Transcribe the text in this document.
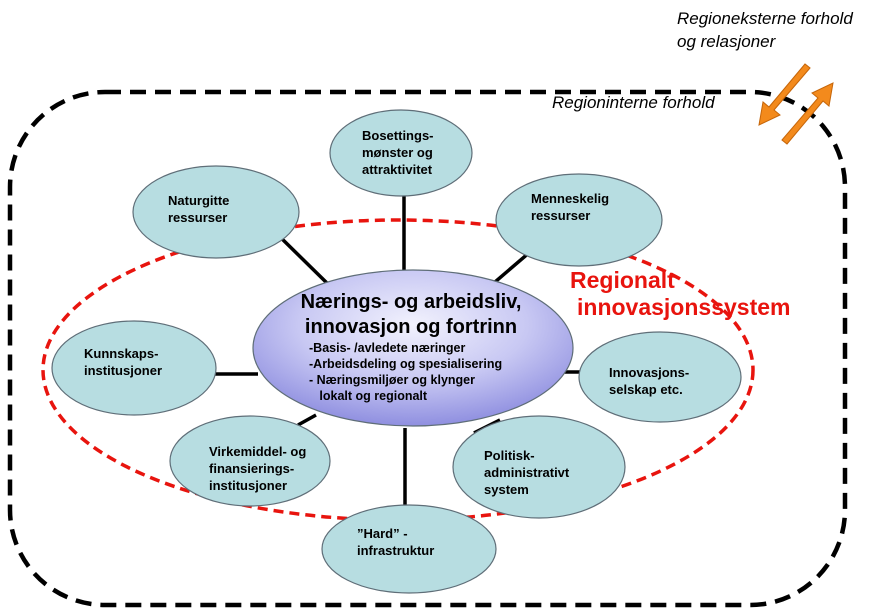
Regioneksterne forhold
og relasjoner
Regioninterne forhold
Regionalt
innovasjonssystem
Nærings- og arbeidsliv,
innovasjon og fortrinn
-Basis- /avledete næringer
-Arbeidsdeling og spesialisering
- Næringsmiljøer og klynger
lokalt og regionalt
Bosettings-
mønster og
attraktivitet
Naturgitte
ressurser
Menneskelig
ressurser
Kunnskaps-
institusjoner	Innovasjons-
selskap etc.
Virkemiddel- og
finansierings-
institusjoner
Politisk-
administrativt
system
”Hard” -
infrastruktur
